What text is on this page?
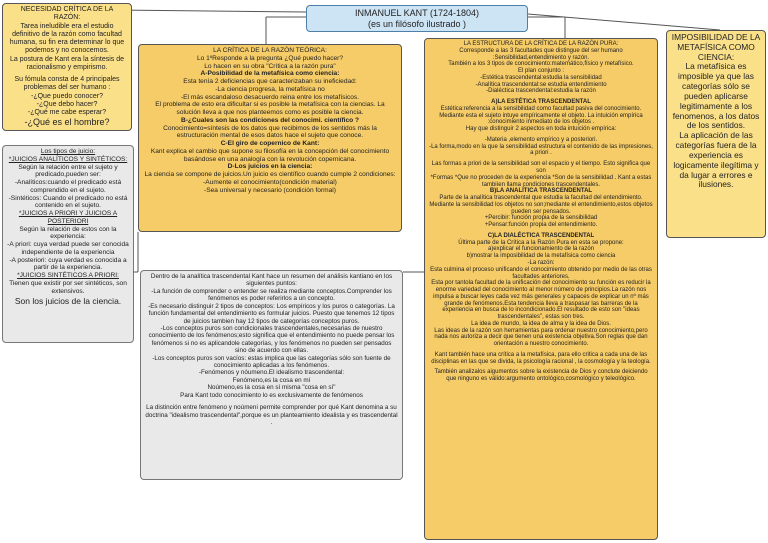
INMANUEL KANT (1724-1804)
(es un filósofo ilustrado )
NECESIDAD CRÍTICA DE LA RAZÓN:
Tarea ineludible era el estudio definitivo de la razón como facultad humana, su fin era determinar lo que podemos y no conocemos.
La postura de Kant era la síntesis de racionalismo y empirismo.
Su fómula consta de 4 principales problemas del ser humano :
-¿Que puedo conocer?
-¿Que debo hacer?
-¿Qué me cabe esperar?
-¿Qué es el hombre?
LA CRÍTICA DE LA RAZÓN TEÓRICA:
Lo 1ºResponde a la pregunta ¿Qué puedo hacer?
Lo hacen en su obra "Crítica a la razón pura"
A-Posibilidad de la metafísica como ciencia:
Esta tenía 2 deficiencias que caracterizaban su ineficiedad:
-La ciencia progresa, la metafísica no
-El más escandaloso desacuerdo reina entre los metafísicos.
El problema de esto era dificultar si es posible la metafísica con la ciencias. La solución lleva a que nos planteemos como es posible la ciencia.
B-¿Cuales son las condiciones del conocimi. científico ?
Conocimiento=síntesis de los datos que recibimos de los sentidos más la estructuración mental de esos datos hace el sujeto que conoce.
C-El giro de copernico de Kant:
Kant explica el cambio que supone su filosofía en la concepción del conocimiento basándose en una analogía con la revolución copernicana.
D-Los juicios en la ciencia:
La ciencia se compone de juicios.Un juicio es científico cuando cumple 2 condiciones:
-Aumente el conocimiento(condición material)
-Sea universal y necesario (condición formal)
Los tipos de juicio:
*JUICIOS ANALÍTICOS Y SINTÉTICOS:
Según la relación entre el sujeto y predicado,pueden ser:
-Analíticos:cuando el predicado está comprendido en el sujeto.
-Sintéticos: Cuando el predicado no está contenido en el sujeto.
*JUICIOS A PRIORI Y JUICIOS A POSTERIORI
Según la relación de estos con la experiencia:
-A priori: cuya verdad puede ser conocida independiente de la experiencia
-A posteriori: cuya verdad es conocida a partir de la experiencia.
*JUICIOS SINTÉTICOS A PRIORI:
Tienen que existir por ser sintéticos, son extensivos.
Son los juicios de la ciencia.
Dentro de la analítica trascendental Kant hace un resumen del análisis kantiano en los siguientes puntos:
-La función de comprender o entender se realiza mediante conceptos.Comprender los fenómenos es poder referirlos a un concepto.
-Es necesario distinguir 2 tipos de conceptos: Los empíricos y los puros o categorías. La función fundamental del entendimiento es formular juicios. Puesto que tenemos 12 tipos de juicios tambien hay 12 tipos de categorías conceptos puros.
-Los conceptos puros son condicionales trascendentales,necesarias de nuestro conocimiento de los fenómenos;esto significa que el entendimiento no puede pensar los fenómenos si no es aplicandole categorías, y los fenómenos no pueden ser pensados sino de acuerdo con ellas.
-Los conceptos puros son vacíos: estas implica que las categorías sólo son fuente de conocimiento aplicadas a los fenómenos.
-Fenómenos y nóumeno.El idealismo trascendental:
Fenómeno,es la cosa en mí
Noúmeno,es la cosa en sí misma "cosa en sí"
Para Kant todo conocimiento lo es exclusivamente de fenómenos
La distinción entre fenómeno y noúmeni permite comprender por qué Kant denomina a su doctrina "idealismo trascendental",porque es un planteamiento idealista y es trascendental .
LA ESTRUCTURA DE LA CRÍTICA DE LA RAZÓN PURA:
Corresponde a las 3 facultades que distingue del ser humano :Sensibilidad,entendimiento y razón.
También a los 3 tipos de conocimiento:matemático,físico y metafísico.
El plan conjunto :
-Estética trascendental:estudia la sensibilidad
-Analítica trascendental:se estudia entendimiento
-Dialéctica trascendental:estudia la razón
A)LA ESTÉTICA TRASCENDENTAL
Estética:referencia a la sensibilidad como facultad pasiva del conocimiento. Mediante esta el sujeto intuye empíricamente el objeto. La intuición empírica :conocimiento inmediato de los objetos .
Hay que distinguir 2 aspectos en toda intuición empírica:
-Materia ,elemento empírico y a posteriori.
-La forma,modo en la que la sensibilidad estructura el contenido de las impresiones, a priori .
Las formas a priori de la sensibilidad son el espacio y el tiempo. Esto significa que son
*Formas *Que no proceden de la experiencia *Son de la sensibilidad . Kant a estas tambiíen llama condiciones trascendentales.
B)LA ANALÍTICA TRASCENDENTAL
Parte de la analítica trascendental que estudia la facultad del entendimiento.
Mediante la sensibilidad los objetos no son;mediante el entendimiento,estos objetos pueden ser pensados.
+Percibir: función propia de la sensibilidad
+Pensar:función propia del entendimiento.
C)LA DIALÉCTICA TRASCENDENTAL
Última parte de la Crítica a la Razón Pura en esta se propone:
a)explicar el funcionamiento de la razón
b)mostrar la imposibilidad de la metafísica como ciencia
-La razón:
Esta culmina el proceso unificando el conocimiento obtenido por medio de las otras facultades anteriores.
Esta por tantola facultad de la unificación del conocimiento su función es reducir la enorme variedad del conocimiento al menor número de principios.La razón nos impulsa a buscar leyes cada vez más generales y capaces de explicar un nº más grande de fenómenos.Esta tendencia lleva a traspasar las barreras de la experiencia en busca de lo incondicionado.El resultado de esto son "ideas trascendentales", estas son tres.
La idea de mundo, la idea de alma y la idea de Dios.
Las ideas de la razón son herramientas para ordenar nuestro conocimiento,pero nada nos autoriza a decir que tienen una existencia objetiva.Son reglas que dan orientación a nuestro conocimiento.
Kant también hace una crítica a la metafísica, para ello critica a cada una de las disciplinas en las que se divida, la psicología racional , la cosmología y la teología.
También analizalos aigumentos sobre la existencia de Dios y conclute deiciendo que ninguno es válido:argumento ontológico,cosmológico y teleológico.
IMPOSIBILIDAD DE LA METAFÍSICA COMO CIENCIA:
La metafísica es imposible ya que las categorías sólo se pueden aplicarse legitimamente a los fenomenos, a los datos de los sentidos.
La aplicación de las categorías fuera de la experiencia es logicamente ilegítima y da lugar a errores e ilusiones.
